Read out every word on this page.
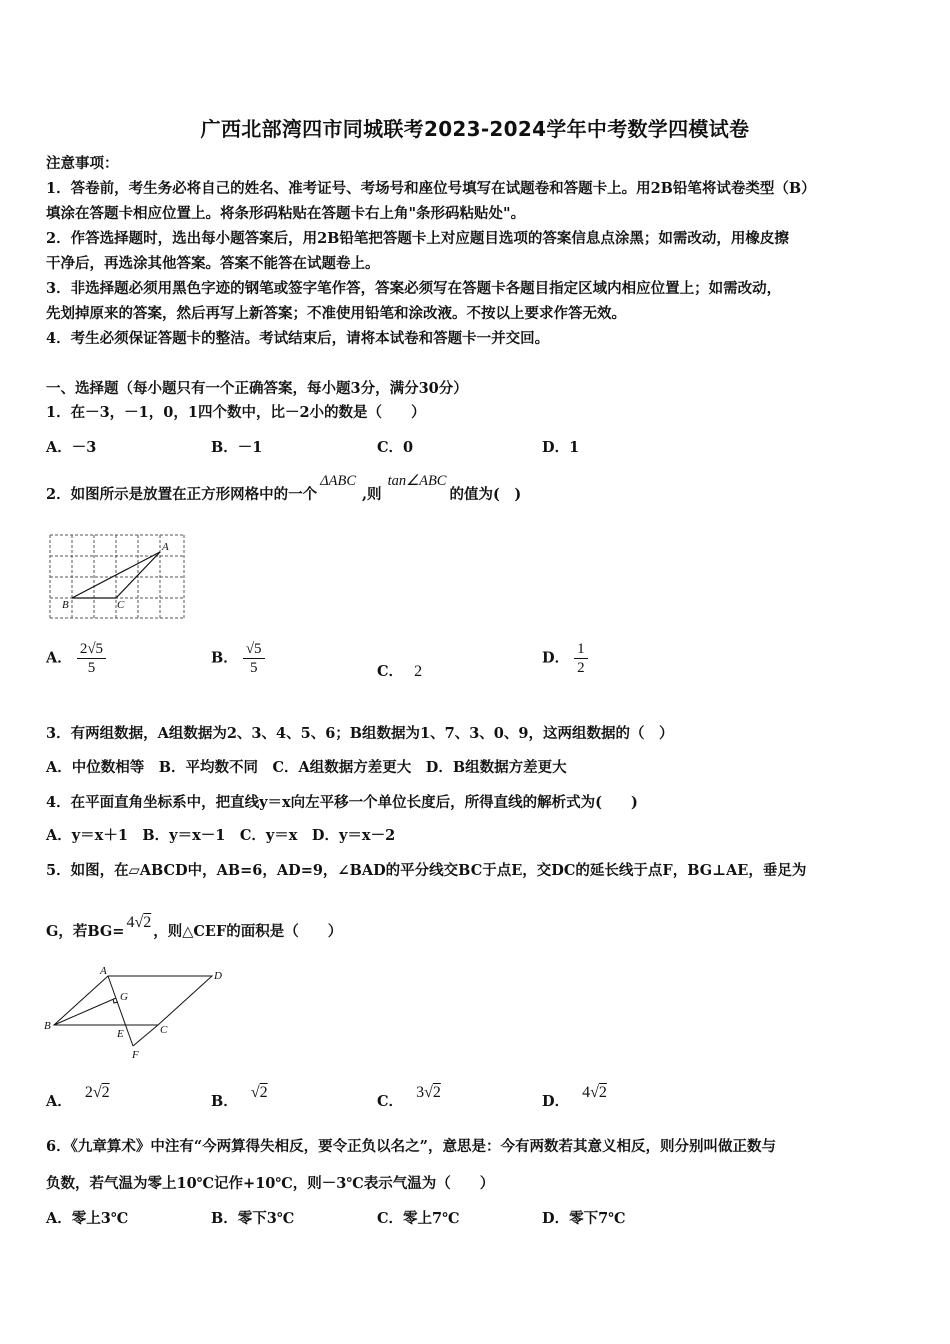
广西北部湾四市同城联考2023-2024学年中考数学四模试卷
注意事项：
1．答卷前，考生务必将自己的姓名、准考证号、考场号和座位号填写在试题卷和答题卡上。用2B铅笔将试卷类型（B）
填涂在答题卡相应位置上。将条形码粘贴在答题卡右上角"条形码粘贴处"。
2．作答选择题时，选出每小题答案后，用2B铅笔把答题卡上对应题目选项的答案信息点涂黑；如需改动，用橡皮擦
干净后，再选涂其他答案。答案不能答在试题卷上。
3．非选择题必须用黑色字迹的钢笔或签字笔作答，答案必须写在答题卡各题目指定区域内相应位置上；如需改动，
先划掉原来的答案，然后再写上新答案；不准使用铅笔和涂改液。不按以上要求作答无效。
4．考生必须保证答题卡的整洁。考试结束后，请将本试卷和答题卡一并交回。
一、选择题（每小题只有一个正确答案，每小题3分，满分30分）
1．在－3，－1，0，1四个数中，比－2小的数是（　　）
A．－3	B．－1	C．0	D．1
2．如图所示是放置在正方形网格中的一个ΔABC,则tan∠ABC的值为(　)
A
B	C
A． $\frac{2√5}{5}$	B． $\frac{√5}{5}$	C． 2
D． $\frac{1}{2}$
3．有两组数据，A组数据为2、3、4、5、6；B组数据为1、7、3、0、9，这两组数据的（　）
A．中位数相等　B．平均数不同　C．A组数据方差更大　D．B组数据方差更大
4．在平面直角坐标系中，把直线y＝x向左平移一个单位长度后，所得直线的解析式为(　　)
A．y＝x＋1　B．y＝x－1　C．y＝x　D．y＝x－2
5．如图，在▱ABCD中，AB=6，AD=9，∠BAD的平分线交BC于点E，交DC的延长线于点F，BG⊥AE，垂足为
G，若BG=4√2，则△CEF的面积是（　　）
A	D
G
B
E	C
F
A． 2√2
B． √2
C． 3√2
D． 4√2
6．《九章算术》中注有“今两算得失相反，要令正负以名之”，意思是：今有两数若其意义相反，则分别叫做正数与
负数，若气温为零上10℃记作+10℃，则－3℃表示气温为（　　）
A．零上3℃	B．零下3℃	C．零上7℃	D．零下7℃
